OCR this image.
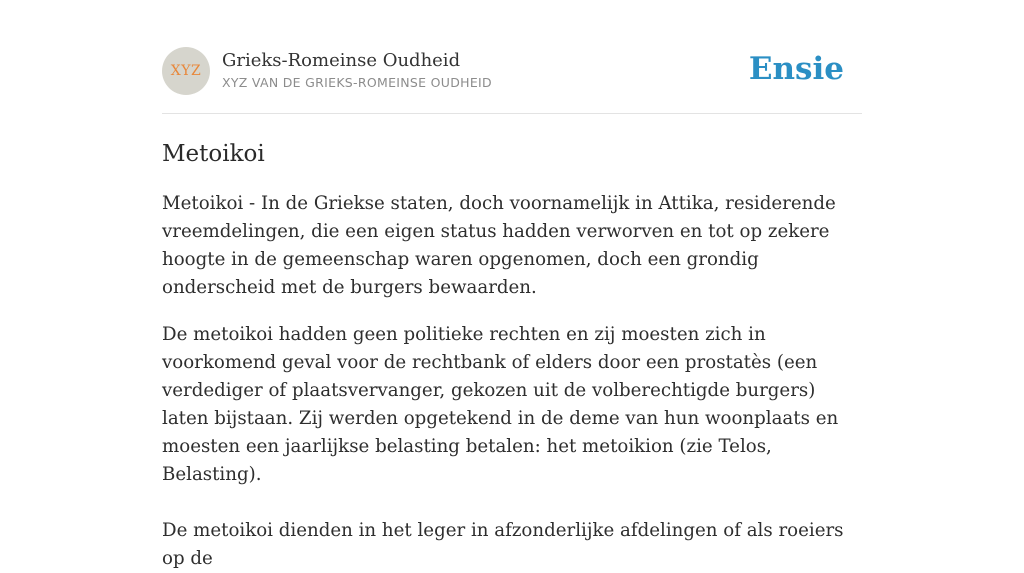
XYZ	Grieks-Romeinse Oudheid
XYZ VAN DE GRIEKS-ROMEINSE OUDHEID	Ensie
Metoikoi

Metoikoi - In de Griekse staten, doch voornamelijk in Attika, residerende vreemdelingen, die een eigen status hadden verworven en tot op zekere hoogte in de gemeenschap waren opgenomen, doch een grondig onderscheid met de burgers bewaarden.

De metoikoi hadden geen politieke rechten en zij moesten zich in voorkomend geval voor de rechtbank of elders door een prostatès (een verdediger of plaatsvervanger, gekozen uit de volberechtigde burgers) laten bijstaan. Zij werden opgetekend in de deme van hun woonplaats en moesten een jaarlijkse belasting betalen: het metoikion (zie Telos, Belasting).

De metoikoi dienden in het leger in afzonderlijke afdelingen of als roeiers op de
